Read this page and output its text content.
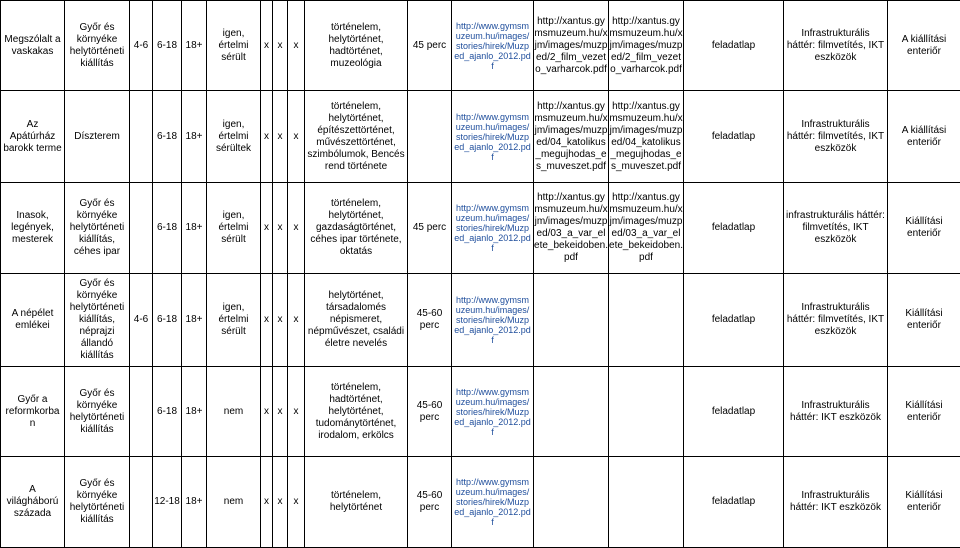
Megszólalt a vaskakas	Győr és környéke helytörténeti kiállítás	4-6	6-18	18+	igen, értelmi sérült	x	x	x	történelem, helytörténet, hadtörténet, muzeológia	45 perc	http://www.gymsmuzeum.hu/images/stories/hirek/Muzped_ajanlo_2012.pdf	http://xantus.gymsmuzeum.hu/xjm/images/muzped/2_film_vezeto_varharcok.pdf	http://xantus.gymsmuzeum.hu/xjm/images/muzped/2_film_vezeto_varharcok.pdf	feladatlap	Infrastrukturális háttér: filmvetítés, IKT eszközök	A kiállítási enteriőr
Az Apátúrház barokk terme	Díszterem		6-18	18+	igen, értelmi sérültek	x	x	x	történelem, helytörténet, építészettörténet, művészettörténet, szimbólumok, Bencés rend története		http://www.gymsmuzeum.hu/images/stories/hirek/Muzped_ajanlo_2012.pdf	http://xantus.gymsmuzeum.hu/xjm/images/muzped/04_katolikus_megujhodas_es_muveszet.pdf	http://xantus.gymsmuzeum.hu/xjm/images/muzped/04_katolikus_megujhodas_es_muveszet.pdf	feladatlap	Infrastrukturális háttér: filmvetítés, IKT eszközök	A kiállítási enteriőr
Inasok, legények, mesterek	Győr és környéke helytörténeti kiállítás, céhes ipar		6-18	18+	igen, értelmi sérült	x	x	x	történelem, helytörténet, gazdaságtörténet, céhes ipar története, oktatás	45 perc	http://www.gymsmuzeum.hu/images/stories/hirek/Muzped_ajanlo_2012.pdf	http://xantus.gymsmuzeum.hu/xjm/images/muzped/03_a_var_elete_bekeidoben.pdf	http://xantus.gymsmuzeum.hu/xjm/images/muzped/03_a_var_elete_bekeidoben.pdf	feladatlap	infrastrukturális háttér: filmvetítés, IKT eszközök	Kiállítási enteriőr
A népélet emlékei	Győr és környéke helytörténeti kiállítás, néprajzi állandó kiállítás	4-6	6-18	18+	igen, értelmi sérült	x	x	x	helytörténet, társadalomés népismeret, népművészet, családi életre nevelés	45-60 perc	http://www.gymsmuzeum.hu/images/stories/hirek/Muzped_ajanlo_2012.pdf			feladatlap	Infrastrukturális háttér: filmvetítés, IKT eszközök	Kiállítási enteriőr
Győr a reformkorban	Győr és környéke helytörténeti kiállítás		6-18	18+	nem	x	x	x	történelem, hadtörténet, helytörténet, tudománytörténet, irodalom, erkölcs	45-60 perc	http://www.gymsmuzeum.hu/images/stories/hirek/Muzped_ajanlo_2012.pdf			feladatlap	Infrastrukturális háttér: IKT eszközök	Kiállítási enteriőr
A világháború százada	Győr és környéke helytörténeti kiállítás		12-18	18+	nem	x	x	x	történelem, helytörténet	45-60 perc	http://www.gymsmuzeum.hu/images/stories/hirek/Muzped_ajanlo_2012.pdf			feladatlap	Infrastrukturális háttér: IKT eszközök	Kiállítási enteriőr
